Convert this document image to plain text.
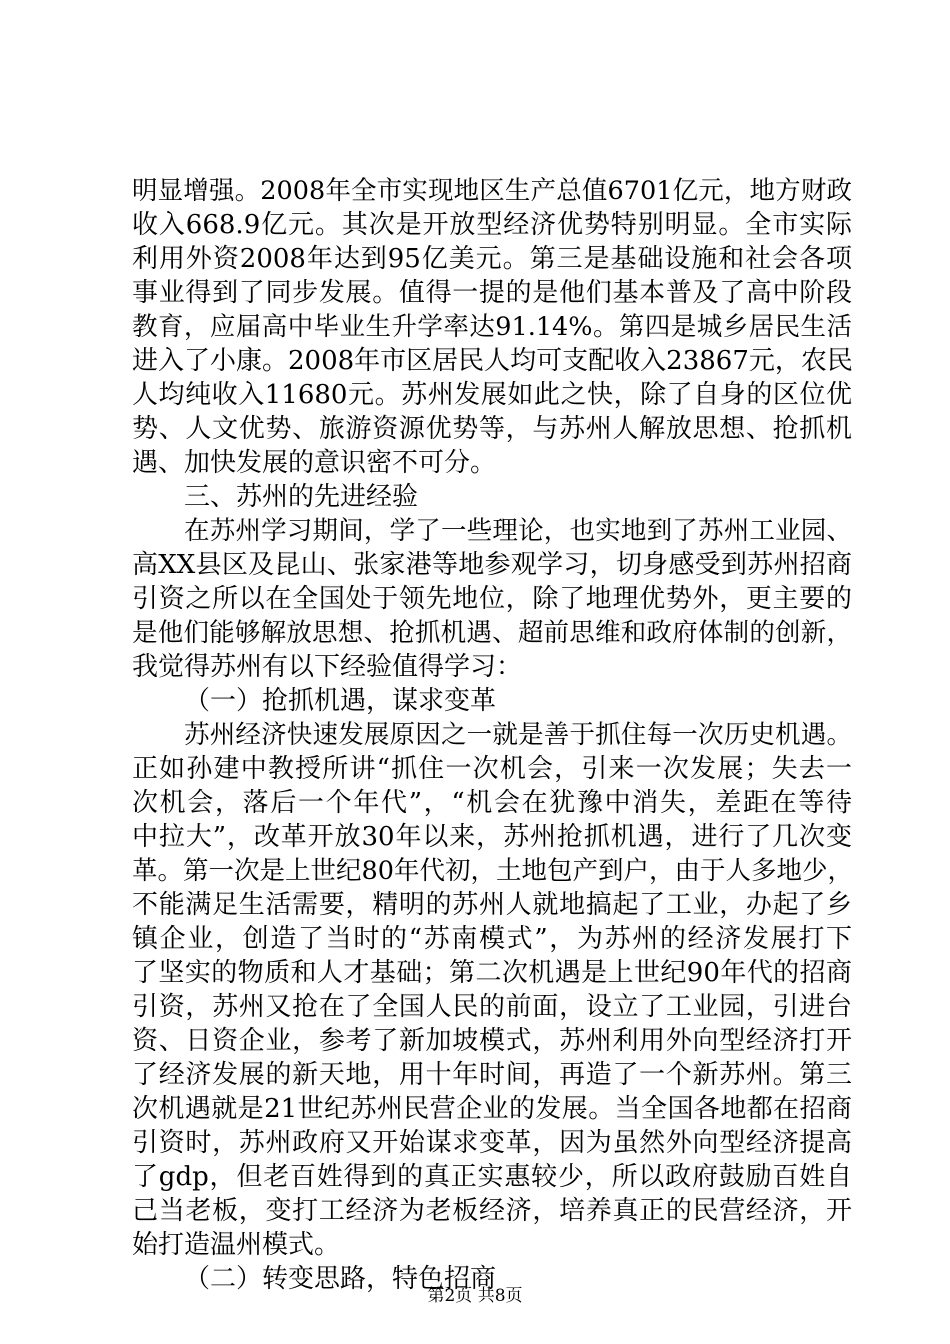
明显增强。2008年全市实现地区生产总值6701亿元，地方财政
收入668.9亿元。其次是开放型经济优势特别明显。全市实际
利用外资2008年达到95亿美元。第三是基础设施和社会各项
事业得到了同步发展。值得一提的是他们基本普及了高中阶段
教育，应届高中毕业生升学率达91.14%。第四是城乡居民生活
进入了小康。2008年市区居民人均可支配收入23867元，农民
人均纯收入11680元。苏州发展如此之快，除了自身的区位优
势、人文优势、旅游资源优势等，与苏州人解放思想、抢抓机
遇、加快发展的意识密不可分。
三、苏州的先进经验
在苏州学习期间，学了一些理论，也实地到了苏州工业园、
高XX县区及昆山、张家港等地参观学习，切身感受到苏州招商
引资之所以在全国处于领先地位，除了地理优势外，更主要的
是他们能够解放思想、抢抓机遇、超前思维和政府体制的创新，
我觉得苏州有以下经验值得学习：
（一）抢抓机遇，谋求变革
苏州经济快速发展原因之一就是善于抓住每一次历史机遇。
正如孙建中教授所讲“抓住一次机会，引来一次发展；失去一
次机会，落后一个年代”，“机会在犹豫中消失，差距在等待
中拉大”，改革开放30年以来，苏州抢抓机遇，进行了几次变
革。第一次是上世纪80年代初，土地包产到户，由于人多地少，
不能满足生活需要，精明的苏州人就地搞起了工业，办起了乡
镇企业，创造了当时的“苏南模式”，为苏州的经济发展打下
了坚实的物质和人才基础；第二次机遇是上世纪90年代的招商
引资，苏州又抢在了全国人民的前面，设立了工业园，引进台
资、日资企业，参考了新加坡模式，苏州利用外向型经济打开
了经济发展的新天地，用十年时间，再造了一个新苏州。第三
次机遇就是21世纪苏州民营企业的发展。当全国各地都在招商
引资时，苏州政府又开始谋求变革，因为虽然外向型经济提高
了gdp，但老百姓得到的真正实惠较少，所以政府鼓励百姓自
己当老板，变打工经济为老板经济，培养真正的民营经济，开
始打造温州模式。
（二）转变思路，特色招商
第2页 共8页
